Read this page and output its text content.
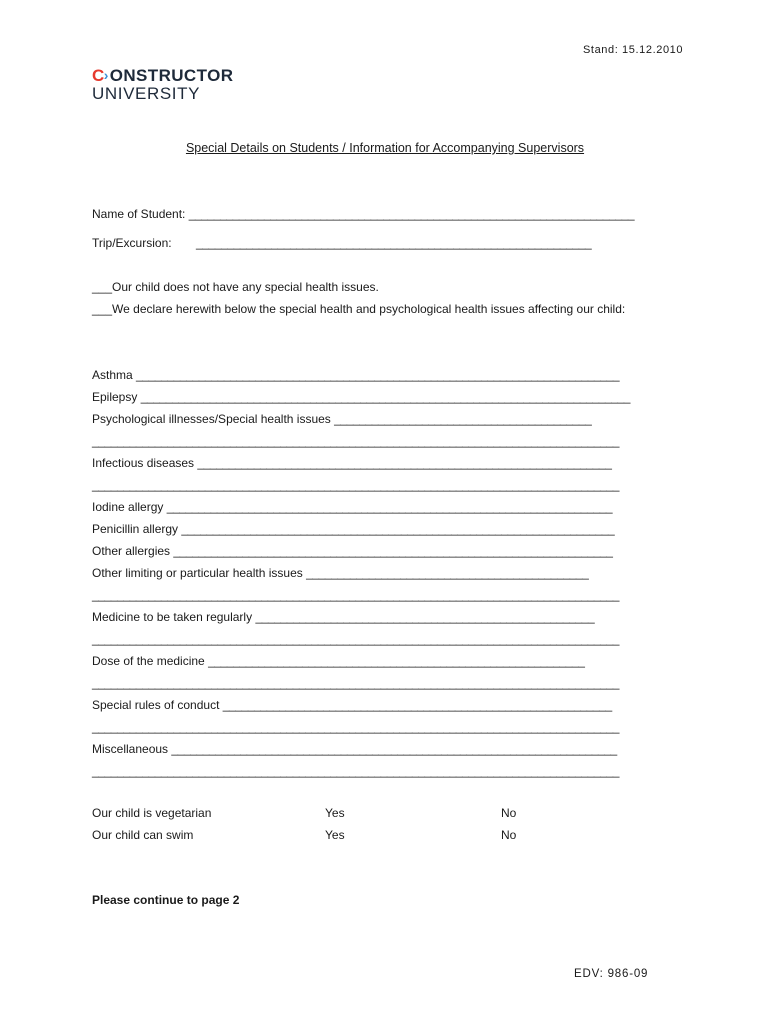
Stand: 15.12.2010
C › ONSTRUCTOR
UNIVERSITY
Special Details on Students / Information for Accompanying Supervisors
Name of Student: _______________________________________________________________________
Trip/Excursion: _______________________________________________________________
___Our child does not have any special health issues.
___We declare herewith below the special health and psychological health issues affecting our child:
Asthma _____________________________________________________________________________
Epilepsy ______________________________________________________________________________
Psychological illnesses/Special health issues _________________________________________
____________________________________________________________________________________
Infectious diseases __________________________________________________________________
____________________________________________________________________________________
Iodine allergy _______________________________________________________________________
Penicillin allergy _____________________________________________________________________
Other allergies ______________________________________________________________________
Other limiting or particular health issues _____________________________________________
____________________________________________________________________________________
Medicine to be taken regularly ______________________________________________________
____________________________________________________________________________________
Dose of the medicine ____________________________________________________________
____________________________________________________________________________________
Special rules of conduct ______________________________________________________________
____________________________________________________________________________________
Miscellaneous _______________________________________________________________________
____________________________________________________________________________________
Our child is vegetarian	Yes	No
Our child can swim	Yes	No
Please continue to page 2
EDV: 986-09
